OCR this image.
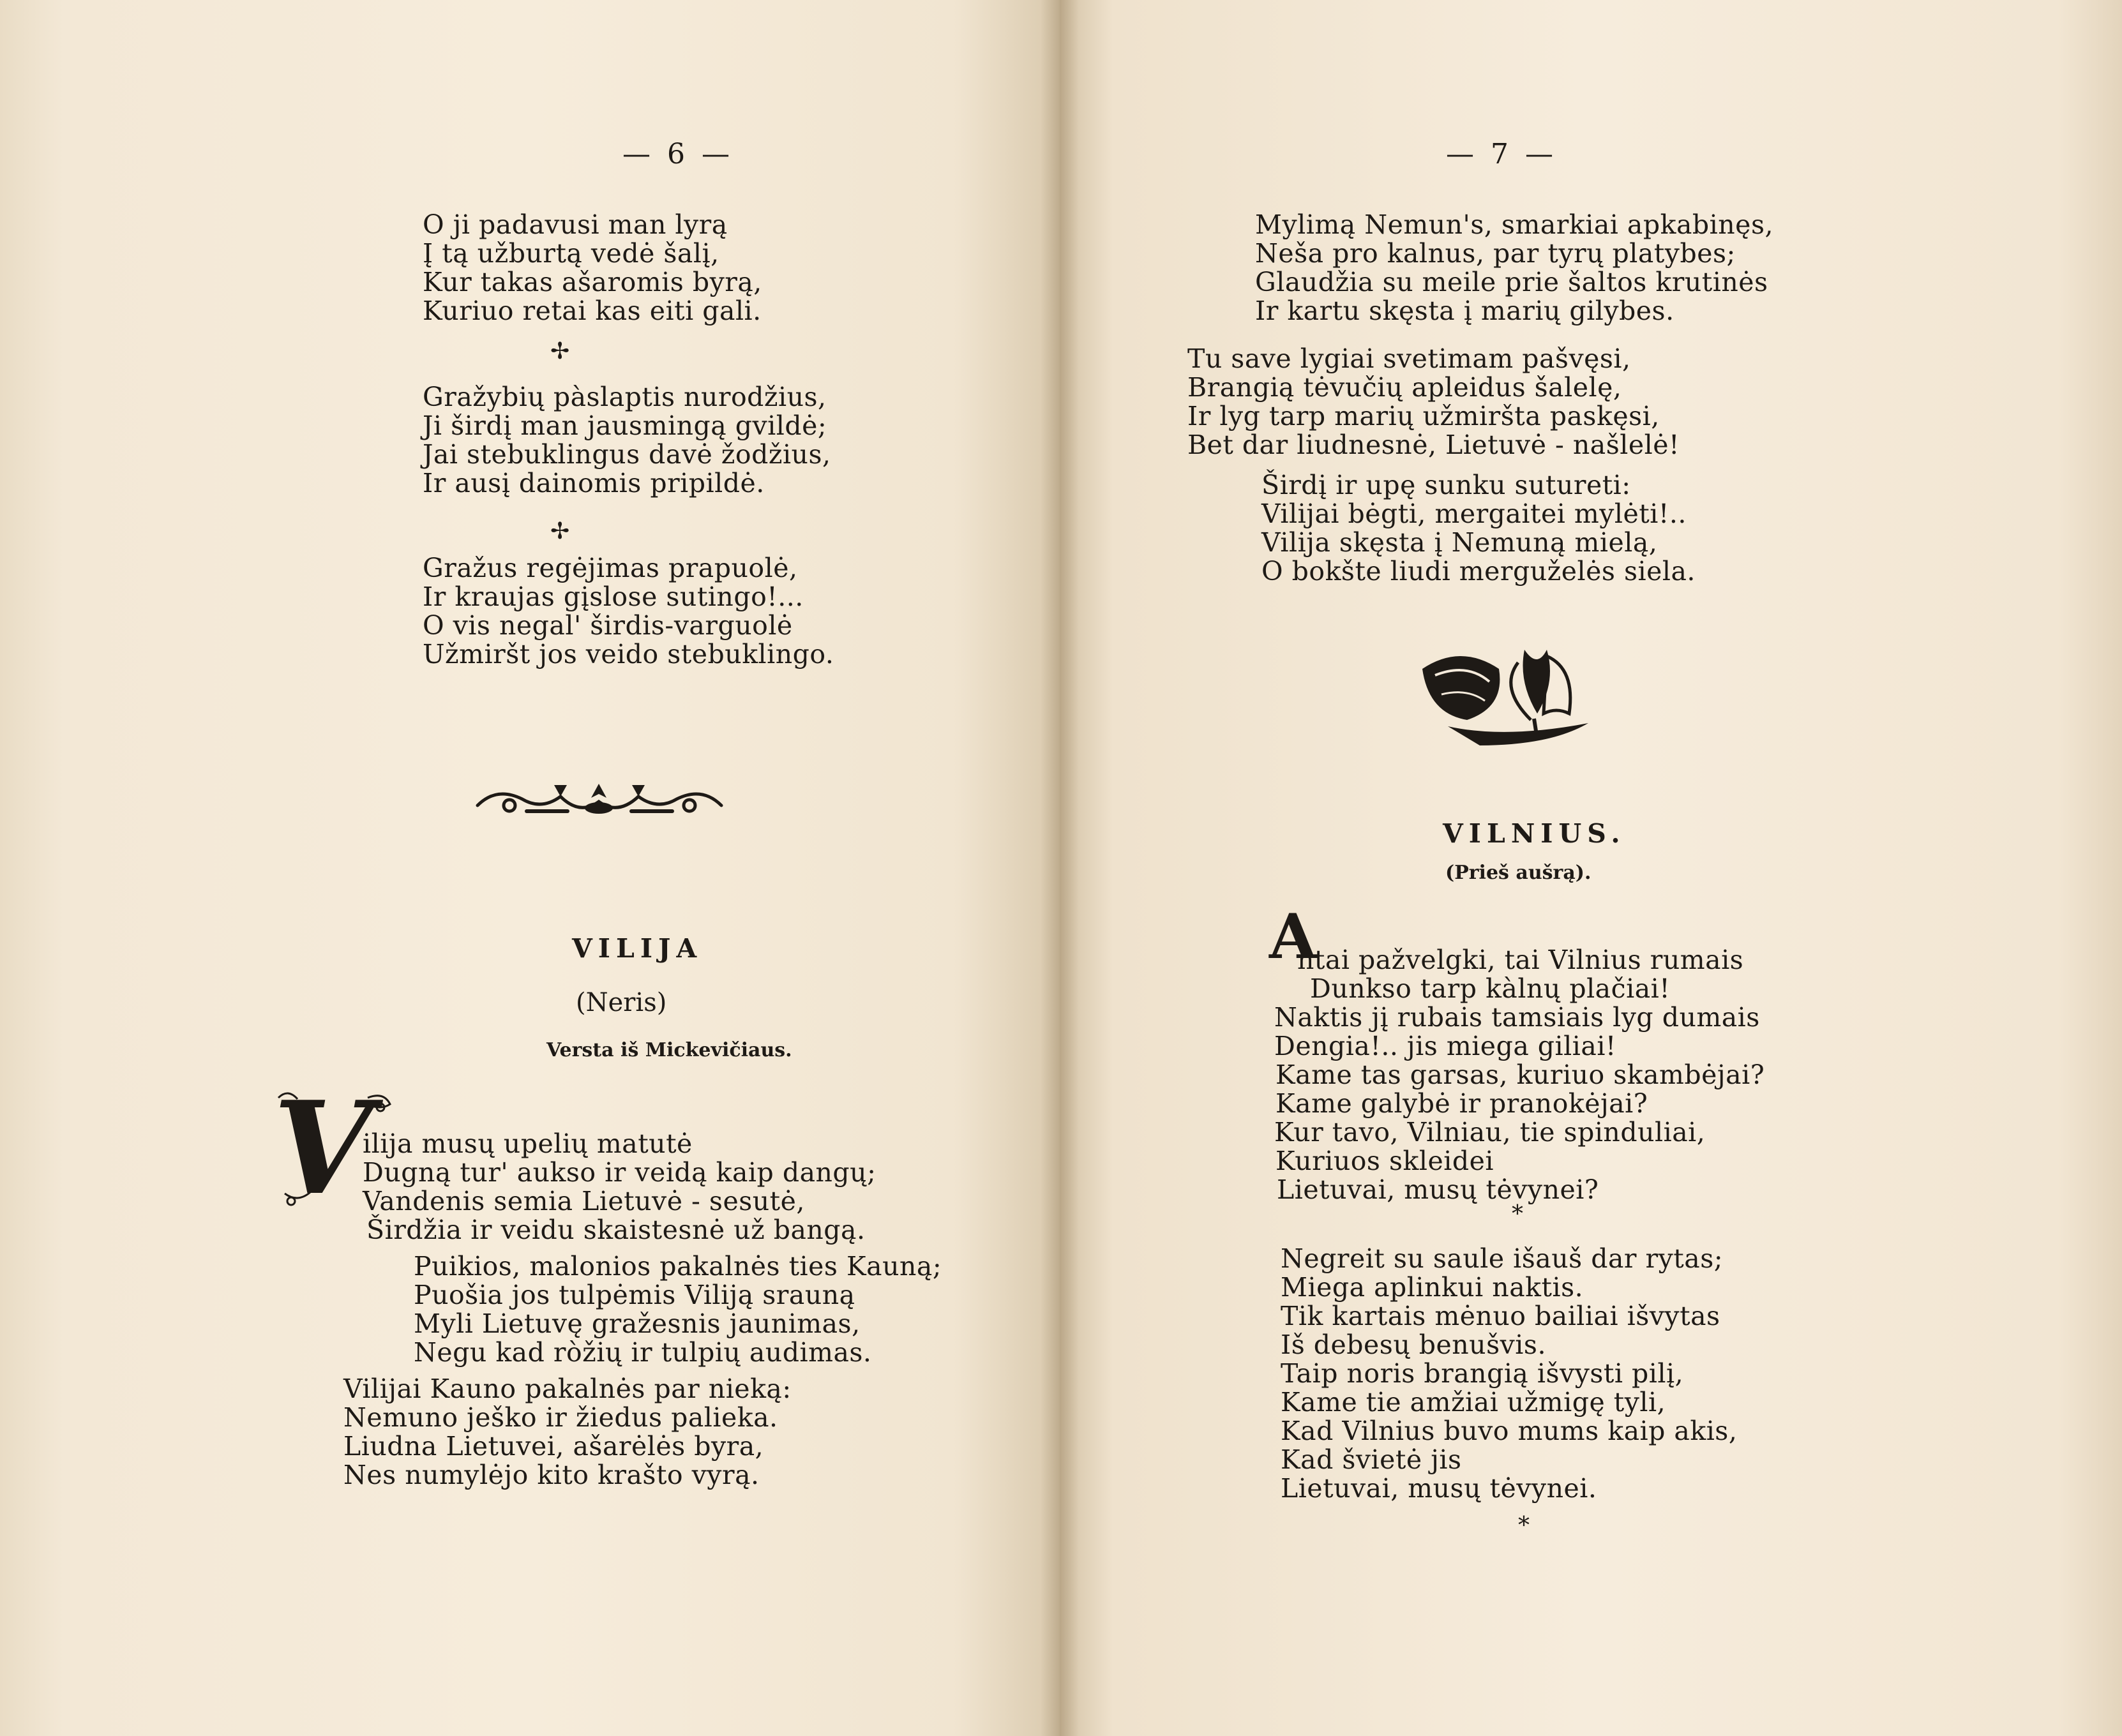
— 6 —
O ji padavusi man lyrą
Į tą užburtą vedė šalį,
Kur takas ašaromis byrą,
Kuriuo retai kas eiti gali.
✢
Gražybių pàslaptis nurodžius,
Ji širdį man jausmingą gvildė;
Jai stebuklingus davė žodžius,
Ir ausį dainomis pripildė.
✢
Gražus regėjimas prapuolė,
Ir kraujas gįslose sutingo!...
O vis negal' širdis-varguolė
Užmiršt jos veido stebuklingo.
VILIJA
(Neris)
Versta iš Mickevičiaus.
V
ilija musų upelių matutė
Dugną tur' aukso ir veidą kaip dangų;
Vandenis semia Lietuvė - sesutė,
Širdžia ir veidu skaistesnė už bangą.
Puikios, malonios pakalnės ties Kauną;
Puošia jos tulpėmis Viliją srauną
Myli Lietuvę gražesnis jaunimas,
Negu kad ròžių ir tulpių audimas.
Vilijai Kauno pakalnės par nieką:
Nemuno ješko ir žiedus palieka.
Liudna Lietuvei, ašarėlės byra,
Nes numylėjo kito krašto vyrą.
— 7 —
Mylimą Nemun's, smarkiai apkabinęs,
Neša pro kalnus, par tyrų platybes;
Glaudžia su meile prie šaltos krutinės
Ir kartu skęsta į marių gilybes.
Tu save lygiai svetimam pašvęsi,
Brangią tėvučių apleidus šalelę,
Ir lyg tarp marių užmiršta paskęsi,
Bet dar liudnesnė, Lietuvė - našlelė!
Širdį ir upę sunku sutureti:
Vilijai bėgti, mergaitei mylėti!..
Vilija skęsta į Nemuną mielą,
O bokšte liudi merguželės siela.
VILNIUS.
(Prieš aušrą).
A
ntai pažvelgki, tai Vilnius rumais
Dunkso tarp kàlnų plačiai!
Naktis jį rubais tamsiais lyg dumais
Dengia!.. jis miega giliai!
Kame tas garsas, kuriuo skambėjai?
Kame galybė ir pranokėjai?
Kur tavo, Vilniau, tie spinduliai,
Kuriuos skleidei
Lietuvai, musų tėvynei?
*
Negreit su saule išauš dar rytas;
Miega aplinkui naktis.
Tik kartais mėnuo bailiai išvytas
Iš debesų benušvis.
Taip noris brangią išvysti pilį,
Kame tie amžiai užmigę tyli,
Kad Vilnius buvo mums kaip akis,
Kad švietė jis
Lietuvai, musų tėvynei.
*
